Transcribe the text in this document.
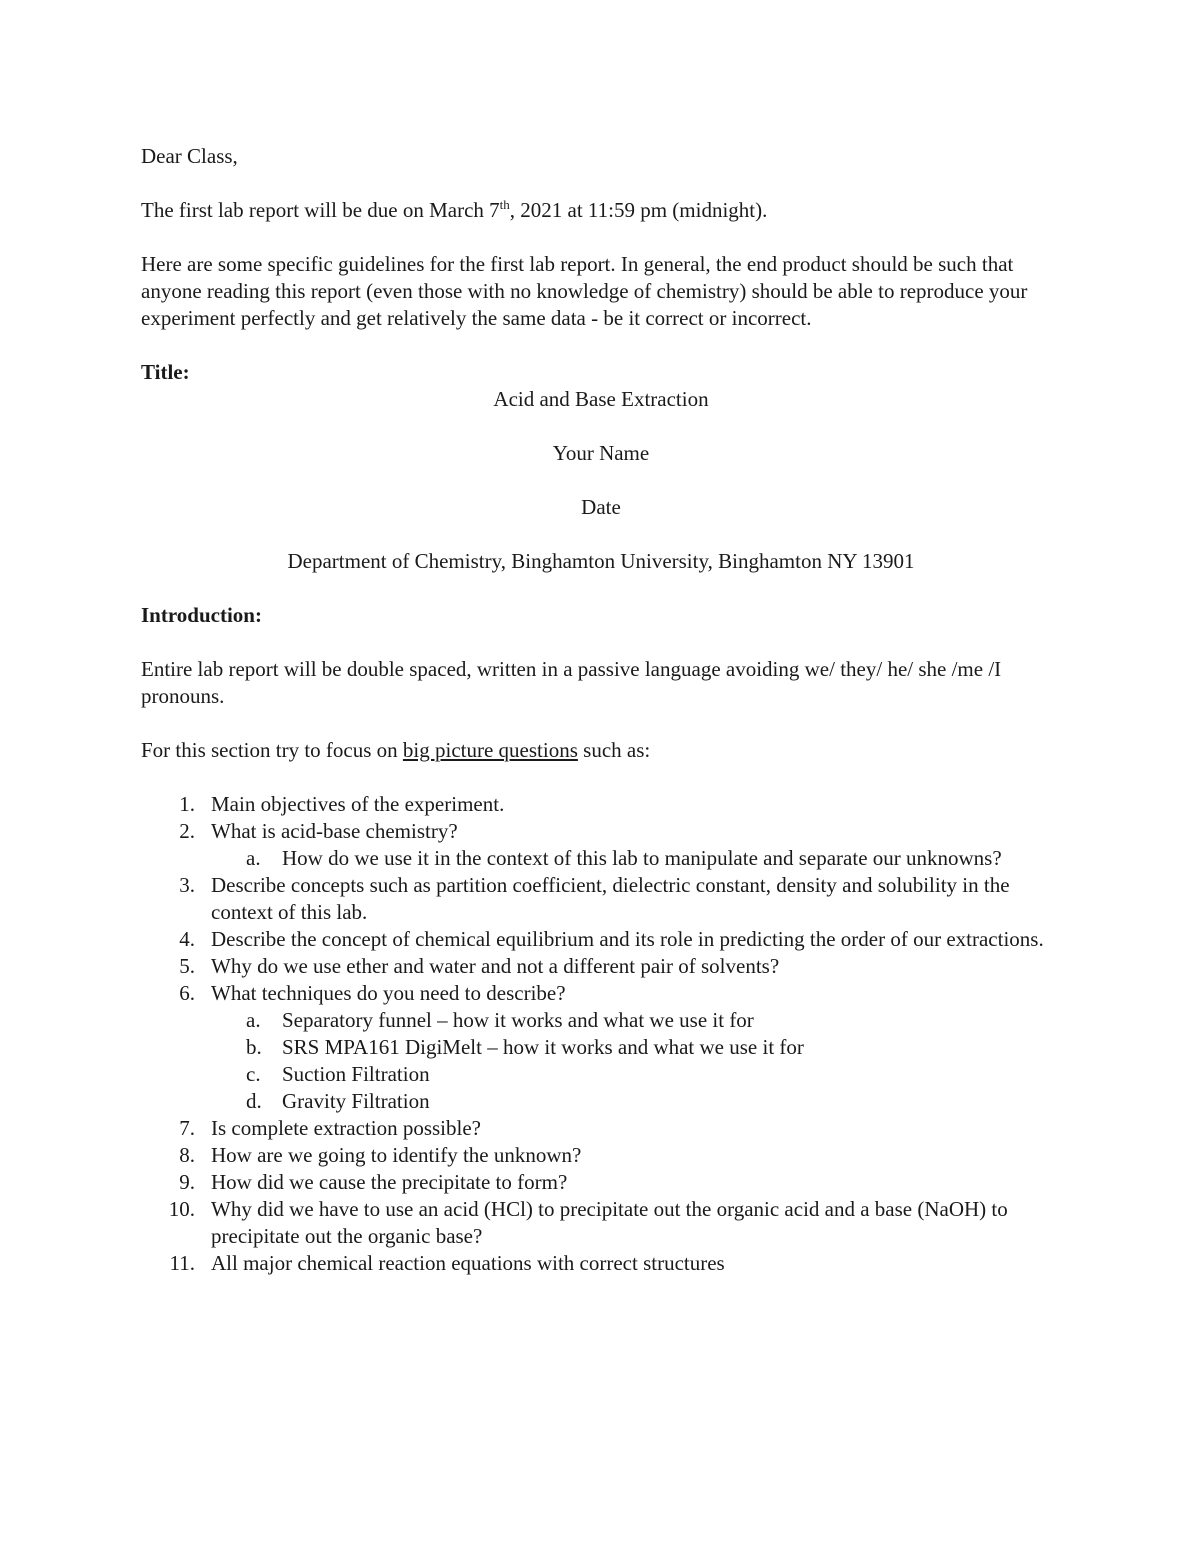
Dear Class,

The first lab report will be due on March 7th, 2021 at 11:59 pm (midnight).

Here are some specific guidelines for the first lab report. In general, the end product should be such that anyone reading this report (even those with no knowledge of chemistry) should be able to reproduce your experiment perfectly and get relatively the same data - be it correct or incorrect.

Title:

Acid and Base Extraction

Your Name

Date

Department of Chemistry, Binghamton University, Binghamton NY 13901

Introduction:

Entire lab report will be double spaced, written in a passive language avoiding we/ they/ he/ she /me /I pronouns.

For this section try to focus on big picture questions such as:

1. Main objectives of the experiment.
2. What is acid-base chemistry?
a. How do we use it in the context of this lab to manipulate and separate our unknowns?
3. Describe concepts such as partition coefficient, dielectric constant, density and solubility in the context of this lab.
4. Describe the concept of chemical equilibrium and its role in predicting the order of our extractions.
5. Why do we use ether and water and not a different pair of solvents?
6. What techniques do you need to describe?
a. Separatory funnel – how it works and what we use it for
b. SRS MPA161 DigiMelt – how it works and what we use it for
c. Suction Filtration
d. Gravity Filtration
7. Is complete extraction possible?
8. How are we going to identify the unknown?
9. How did we cause the precipitate to form?
10. Why did we have to use an acid (HCl) to precipitate out the organic acid and a base (NaOH) to precipitate out the organic base?
11. All major chemical reaction equations with correct structures
